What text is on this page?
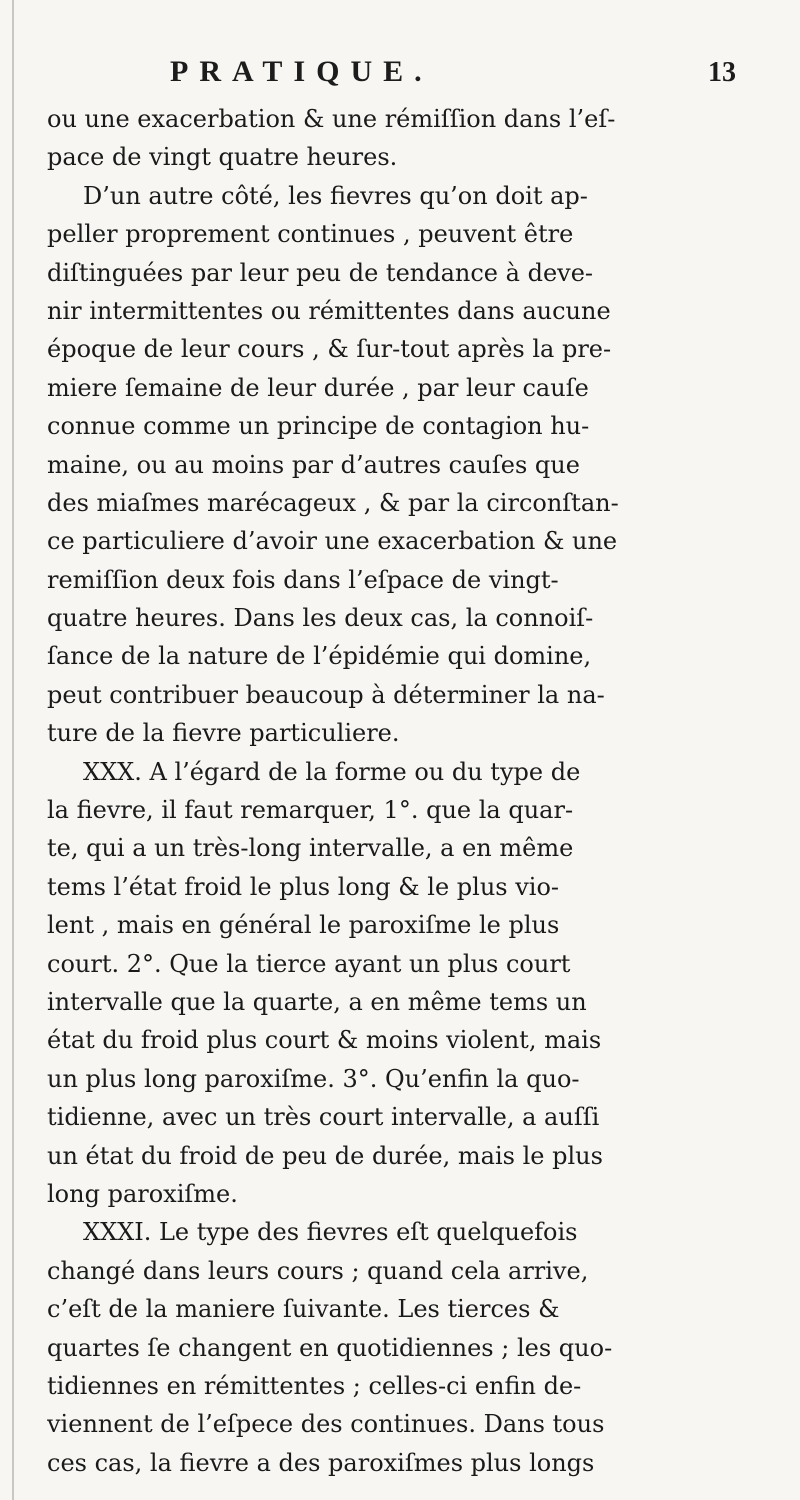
PRATIQUE.	13
ou une exacerbation & une rémiſſion dans l’eſ-
pace de vingt quatre heures.
D’un autre côté, les fievres qu’on doit ap-
peller proprement continues , peuvent être
diſtinguées par leur peu de tendance à deve-
nir intermittentes ou rémittentes dans aucune
époque de leur cours , & ſur-tout après la pre-
miere ſemaine de leur durée , par leur cauſe
connue comme un principe de contagion hu-
maine, ou au moins par d’autres cauſes que
des miaſmes marécageux , & par la circonſtan-
ce particuliere d’avoir une exacerbation & une
remiſſion deux fois dans l’eſpace de vingt-
quatre heures. Dans les deux cas, la connoiſ-
ſance de la nature de l’épidémie qui domine,
peut contribuer beaucoup à déterminer la na-
ture de la fievre particuliere.
XXX. A l’égard de la forme ou du type de
la fievre, il faut remarquer, 1°. que la quar-
te, qui a un très-long intervalle, a en même
tems l’état froid le plus long & le plus vio-
lent , mais en général le paroxiſme le plus
court. 2°. Que la tierce ayant un plus court
intervalle que la quarte, a en même tems un
état du froid plus court & moins violent, mais
un plus long paroxiſme. 3°. Qu’enfin la quo-
tidienne, avec un très court intervalle, a auſſi
un état du froid de peu de durée, mais le plus
long paroxiſme.
XXXI. Le type des fievres eſt quelquefois
changé dans leurs cours ; quand cela arrive,
c’eſt de la maniere ſuivante. Les tierces &
quartes ſe changent en quotidiennes ; les quo-
tidiennes en rémittentes ; celles-ci enfin de-
viennent de l’eſpece des continues. Dans tous
ces cas, la fievre a des paroxiſmes plus longs
